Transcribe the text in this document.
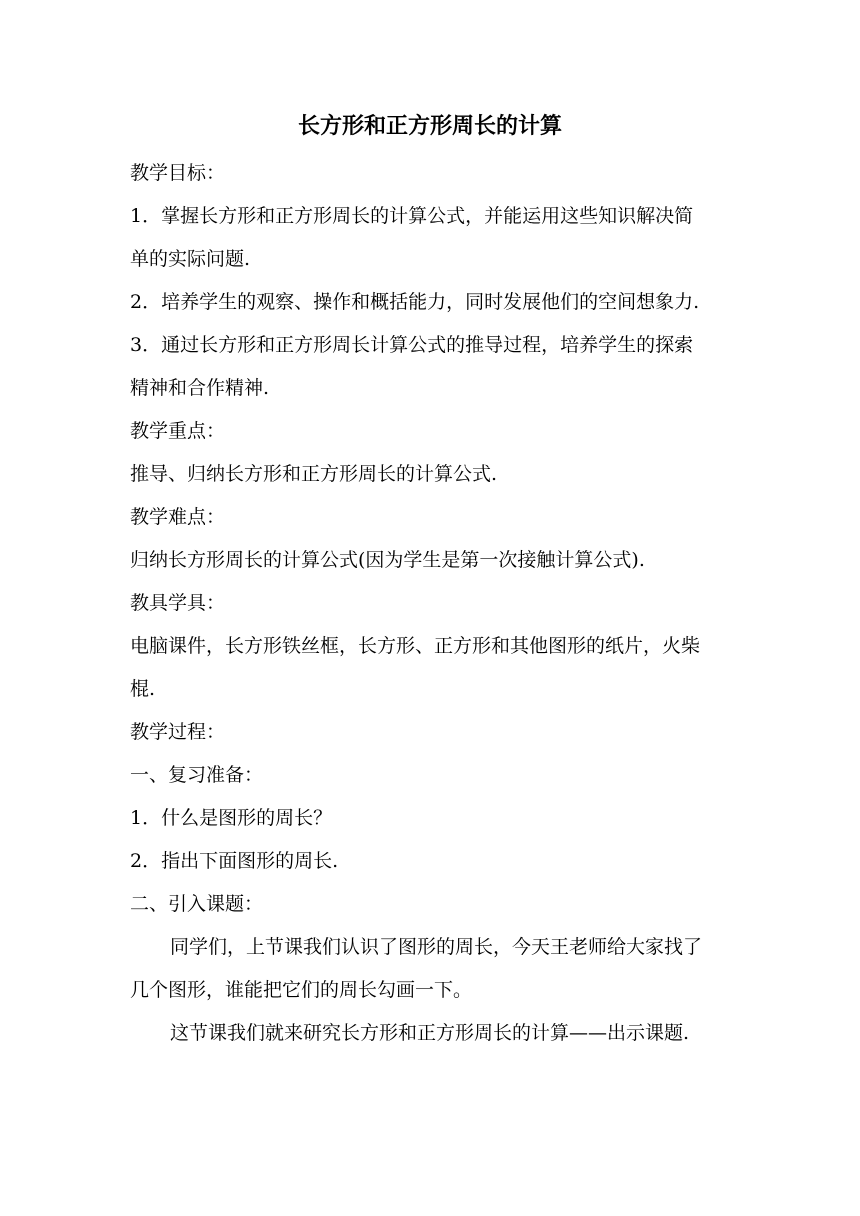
长方形和正方形周长的计算
教学目标：
1．掌握长方形和正方形周长的计算公式，并能运用这些知识解决简
单的实际问题.
2．培养学生的观察、操作和概括能力，同时发展他们的空间想象力.
3．通过长方形和正方形周长计算公式的推导过程，培养学生的探索
精神和合作精神.
教学重点：
推导、归纳长方形和正方形周长的计算公式.
教学难点：
归纳长方形周长的计算公式(因为学生是第一次接触计算公式).
教具学具：
电脑课件，长方形铁丝框，长方形、正方形和其他图形的纸片，火柴
棍.
教学过程：
一、复习准备：
1．什么是图形的周长？
2．指出下面图形的周长.
二、引入课题：
同学们，上节课我们认识了图形的周长，今天王老师给大家找了
几个图形，谁能把它们的周长勾画一下。
这节课我们就来研究长方形和正方形周长的计算——出示课题.
